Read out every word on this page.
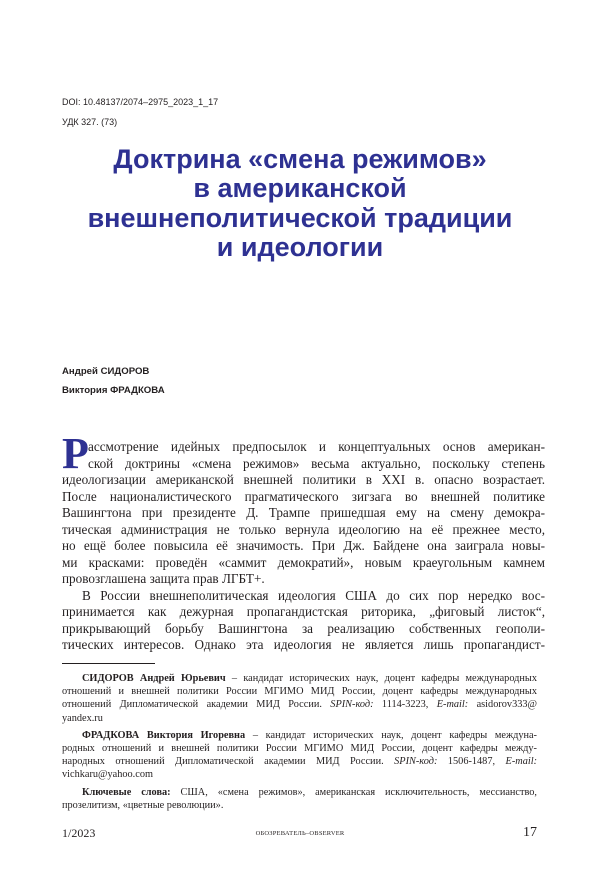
DOI: 10.48137/2074–2975_2023_1_17
УДК 327. (73)
Доктрина «смена режимов»
в американской
внешнеполитической традиции
и идеологии
Андрей СИДОРОВ
Виктория ФРАДКОВА
Р ассмотрение идейных предпосылок и концептуальных основ американ-
ской доктрины «смена режимов» весьма актуально, поскольку степень
идеологизации американской внешней политики в XXI в. опасно возрастает.
После националистического прагматического зигзага во внешней политике
Вашингтона при президенте Д. Трампе пришедшая ему на смену демокра-
тическая администрация не только вернула идеологию на её прежнее место,
но ещё более повысила её значимость. При Дж. Байдене она заиграла новы-
ми красками: проведён «саммит демократий», новым краеугольным камнем
провозглашена защита прав ЛГБТ+.
В России внешнеполитическая идеология США до сих пор нередко вос-
принимается как дежурная пропагандистская риторика, „фиговый листок“,
прикрывающий борьбу Вашингтона за реализацию собственных геополи-
тических интересов. Однако эта идеология не является лишь пропагандист-
СИДОРОВ Андрей Юрьевич – кандидат исторических наук, доцент кафедры международных
отношений и внешней политики России МГИМО МИД России, доцент кафедры международных
отношений Дипломатической академии МИД России. SPIN-код: 1114-3223, E-mail: asidorov333@
yandex.ru
ФРАДКОВА Виктория Игоревна – кандидат исторических наук, доцент кафедры междуна-
родных отношений и внешней политики России МГИМО МИД России, доцент кафедры между-
народных отношений Дипломатической академии МИД России. SPIN-код: 1506-1487, E-mail:
vichkaru@yahoo.com
Ключевые слова: США, «смена режимов», американская исключительность, мессианство,
прозелитизм, «цветные революции».
1/2023	ОБОЗРЕВАТЕЛЬ–OBSERVER	17
